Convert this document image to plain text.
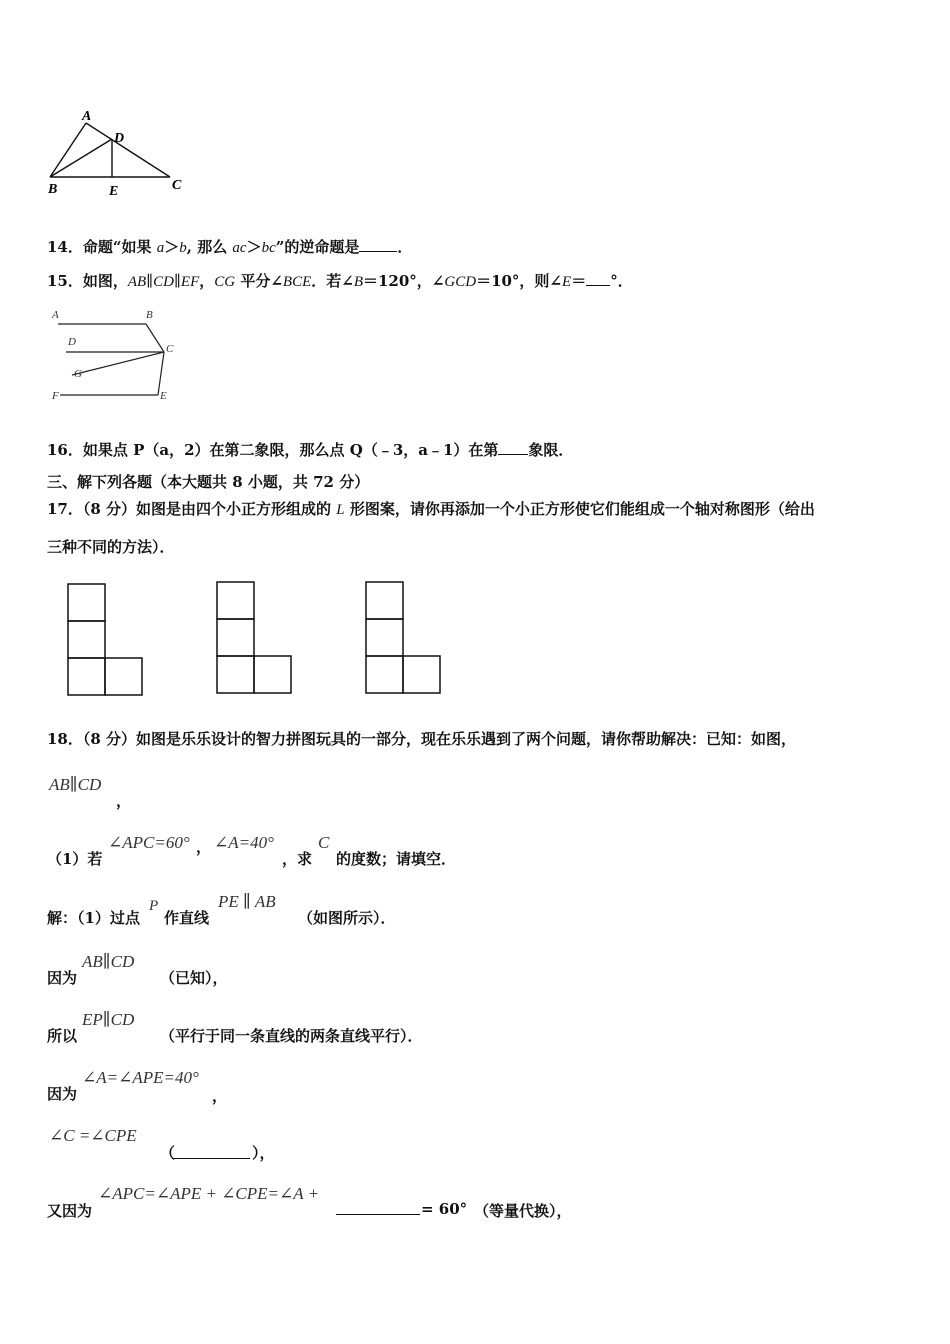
A
D
B	E	C
14．命题“如果 a＞b, 那么 ac＞bc”的逆命题是	．
15．如图，AB∥CD∥EF，CG 平分∠BCE．若∠B＝120°，∠GCD＝10°，则∠E＝ °．
A	B
D
C
G
F	E
16．如果点 P（a，2）在第二象限，那么点 Q（﹣3，a﹣1）在第 象限．
三、解下列各题（本大题共 8 小题，共 72 分）
17．（8 分）如图是由四个小正方形组成的 L 形图案，请你再添加一个小正方形使它们能组成一个轴对称图形（给出
三种不同的方法）．
18．（8 分）如图是乐乐设计的智力拼图玩具的一部分，现在乐乐遇到了两个问题，请你帮助解决：已知：如图，
AB∥CD
，
（1）若
∠APC=60° ， ∠A=40°
，求
C
的度数；请填空．
解：（1）过点
P
作直线
PE ∥ AB
（如图所示）．
因为
AB∥CD
（已知），
所以
EP∥CD
（平行于同一条直线的两条直线平行）．
因为
∠A=∠APE=40°
，
∠C =∠CPE
（	），
又因为
∠APC=∠APE + ∠CPE=∠A +
= 60° （等量代换），
